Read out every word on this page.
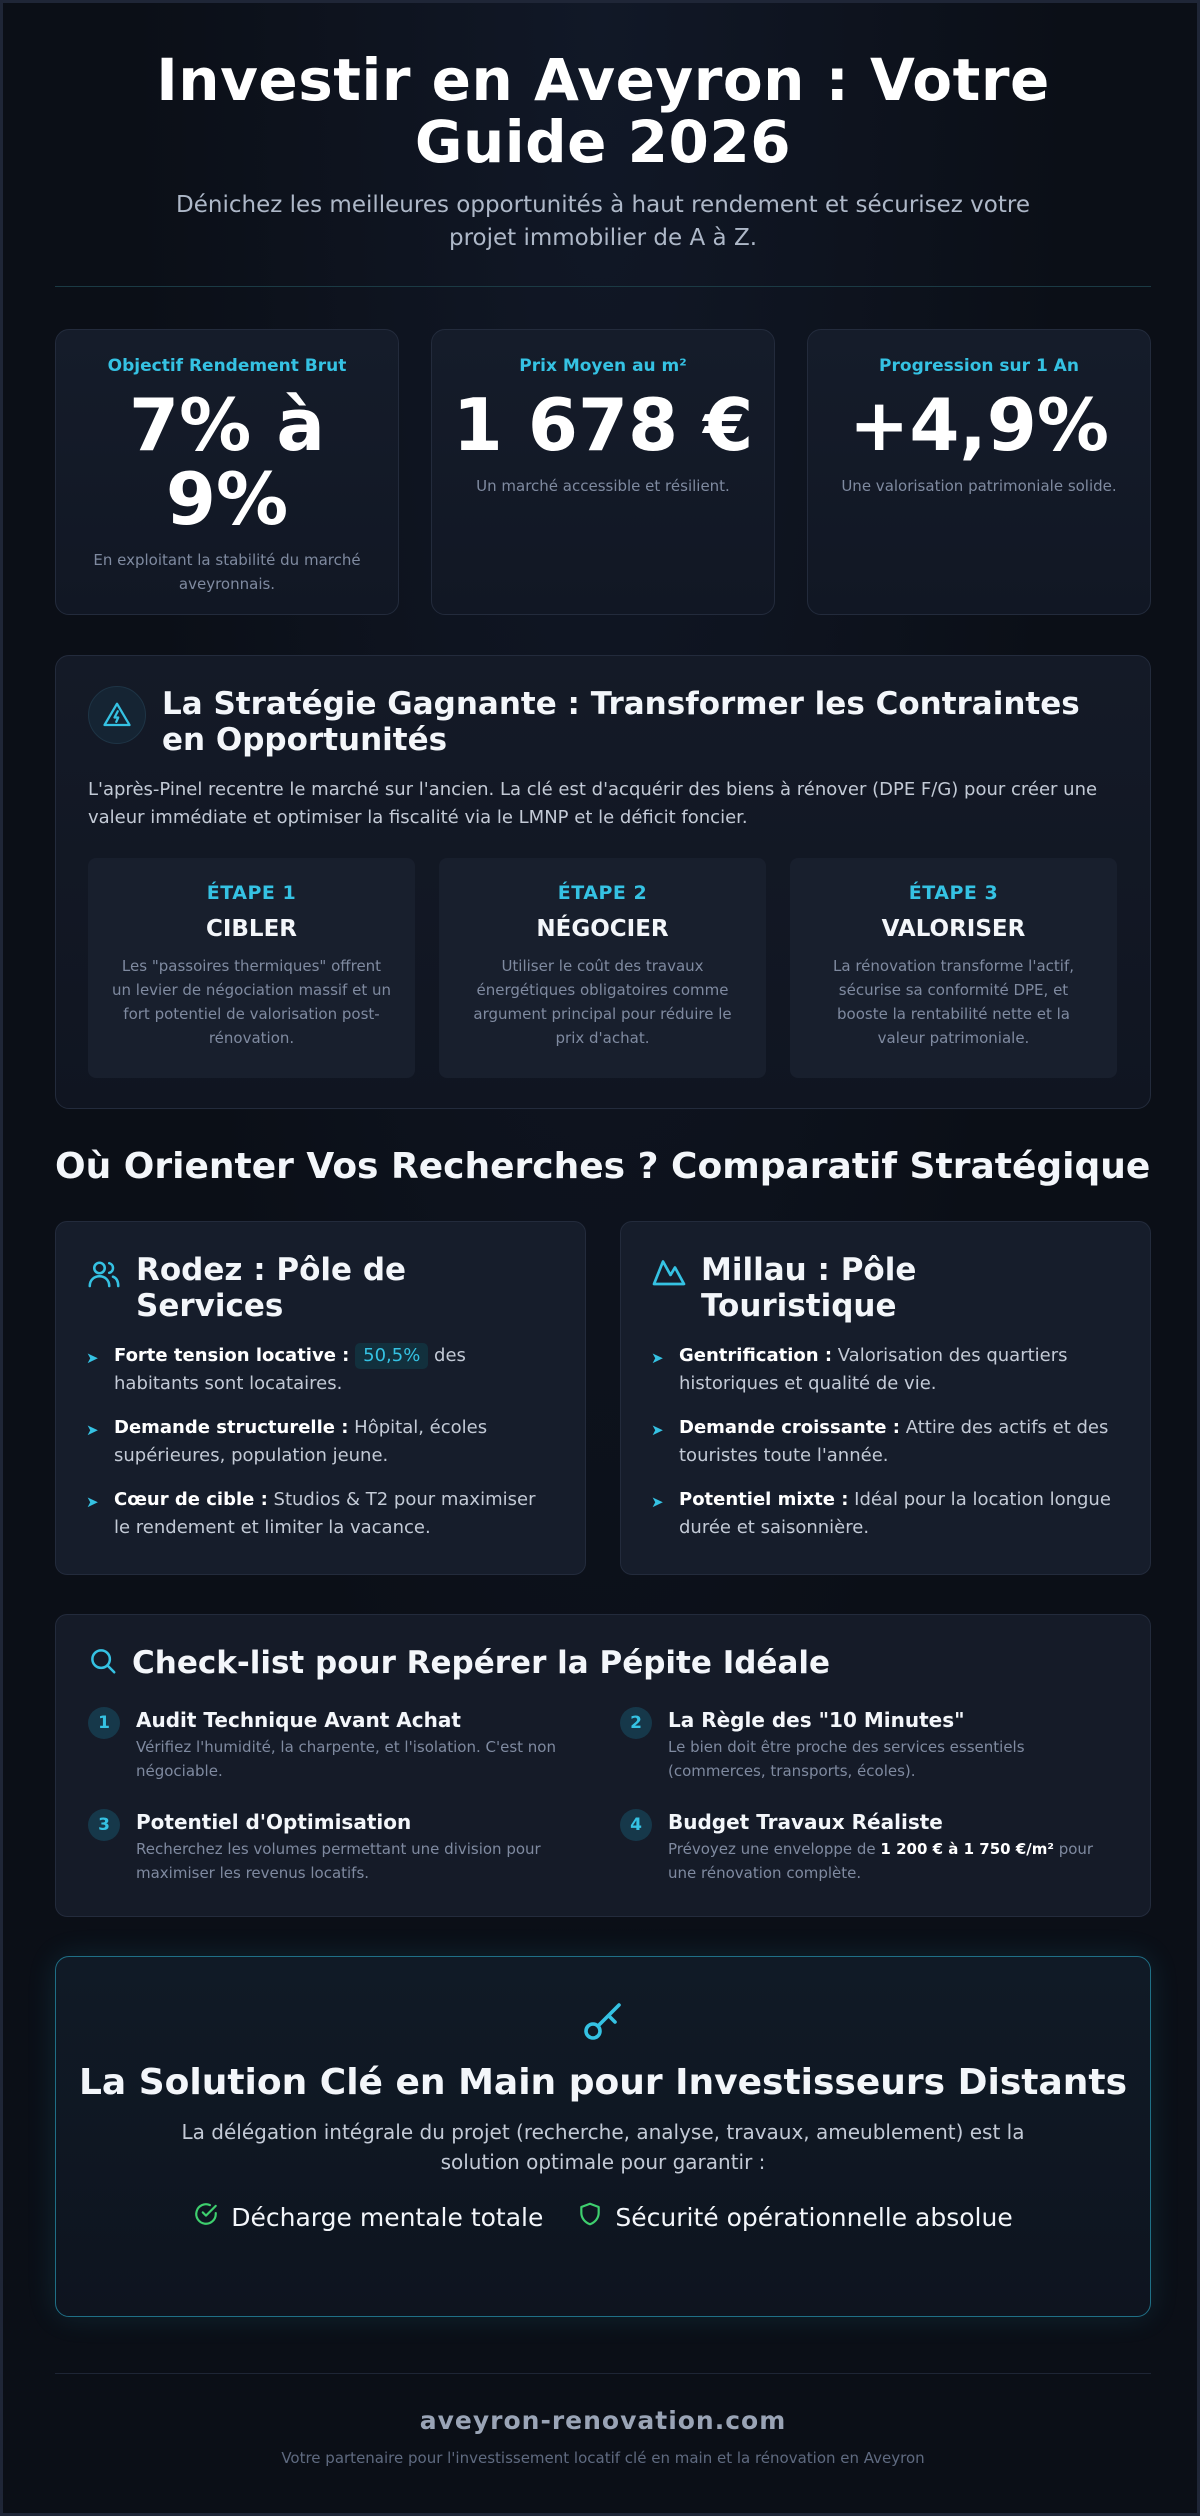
Investir en Aveyron : Votre Guide 2026

Dénichez les meilleures opportunités à haut rendement et sécurisez votre projet immobilier de A à Z.

Objectif Rendement Brut
7% à 9%
En exploitant la stabilité du marché aveyronnais.
Prix Moyen au m²
1 678 €
Un marché accessible et résilient.
Progression sur 1 An
+4,9%
Une valorisation patrimoniale solide.
La Stratégie Gagnante : Transformer les Contraintes en Opportunités
L'après-Pinel recentre le marché sur l'ancien. La clé est d'acquérir des biens à rénover (DPE F/G) pour créer une valeur immédiate et optimiser la fiscalité via le LMNP et le déficit foncier.
ÉTAPE 1
CIBLER
Les "passoires thermiques" offrent un levier de négociation massif et un fort potentiel de valorisation post-rénovation.
ÉTAPE 2
NÉGOCIER
Utiliser le coût des travaux énergétiques obligatoires comme argument principal pour réduire le prix d'achat.
ÉTAPE 3
VALORISER
La rénovation transforme l'actif, sécurise sa conformité DPE, et booste la rentabilité nette et la valeur patrimoniale.
Où Orienter Vos Recherches ? Comparatif Stratégique
Rodez : Pôle de Services
➤ Forte tension locative : 50,5% des habitants sont locataires.
➤ Demande structurelle : Hôpital, écoles supérieures, population jeune.
➤ Cœur de cible : Studios & T2 pour maximiser le rendement et limiter la vacance.
Millau : Pôle Touristique
➤ Gentrification : Valorisation des quartiers historiques et qualité de vie.
➤ Demande croissante : Attire des actifs et des touristes toute l'année.
➤ Potentiel mixte : Idéal pour la location longue durée et saisonnière.
Check-list pour Repérer la Pépite Idéale
1	Audit Technique Avant Achat
Vérifiez l'humidité, la charpente, et l'isolation. C'est non négociable.
2	La Règle des "10 Minutes"
Le bien doit être proche des services essentiels (commerces, transports, écoles).
3	Potentiel d'Optimisation
Recherchez les volumes permettant une division pour maximiser les revenus locatifs.
4	Budget Travaux Réaliste
Prévoyez une enveloppe de 1 200 € à 1 750 €/m² pour une rénovation complète.
La Solution Clé en Main pour Investisseurs Distants

La délégation intégrale du projet (recherche, analyse, travaux, ameublement) est la solution optimale pour garantir :

Décharge mentale totale	Sécurité opérationnelle absolue
aveyron-renovation.com
Votre partenaire pour l'investissement locatif clé en main et la rénovation en Aveyron
